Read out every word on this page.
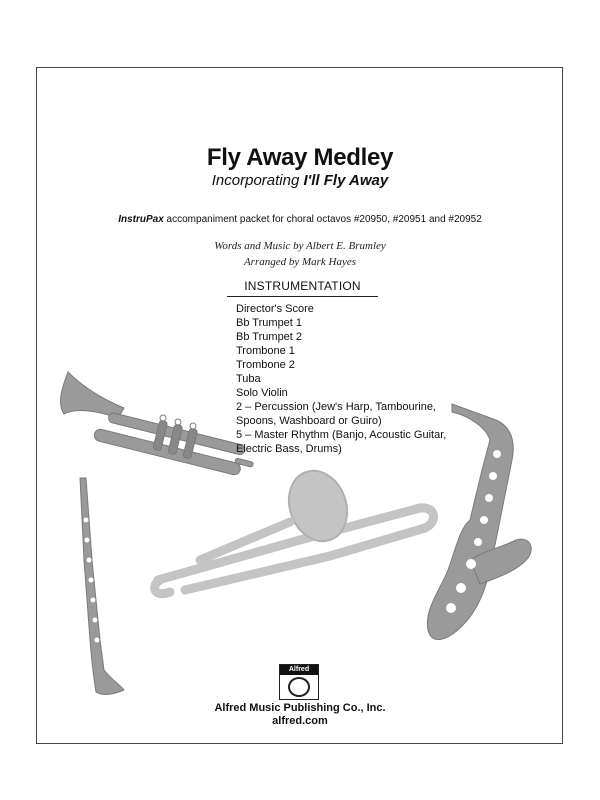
Fly Away Medley
Incorporating I'll Fly Away
InstruPax accompaniment packet for choral octavos #20950, #20951 and #20952
Words and Music by Albert E. Brumley
Arranged by Mark Hayes
INSTRUMENTATION
Director's Score
Bb Trumpet 1
Bb Trumpet 2
Trombone 1
Trombone 2
Tuba
Solo Violin
2 – Percussion (Jew's Harp, Tambourine, Spoons, Washboard or Guiro)
5 – Master Rhythm (Banjo, Acoustic Guitar, Electric Bass, Drums)
Alfred
Alfred Music Publishing Co., Inc.
alfred.com
